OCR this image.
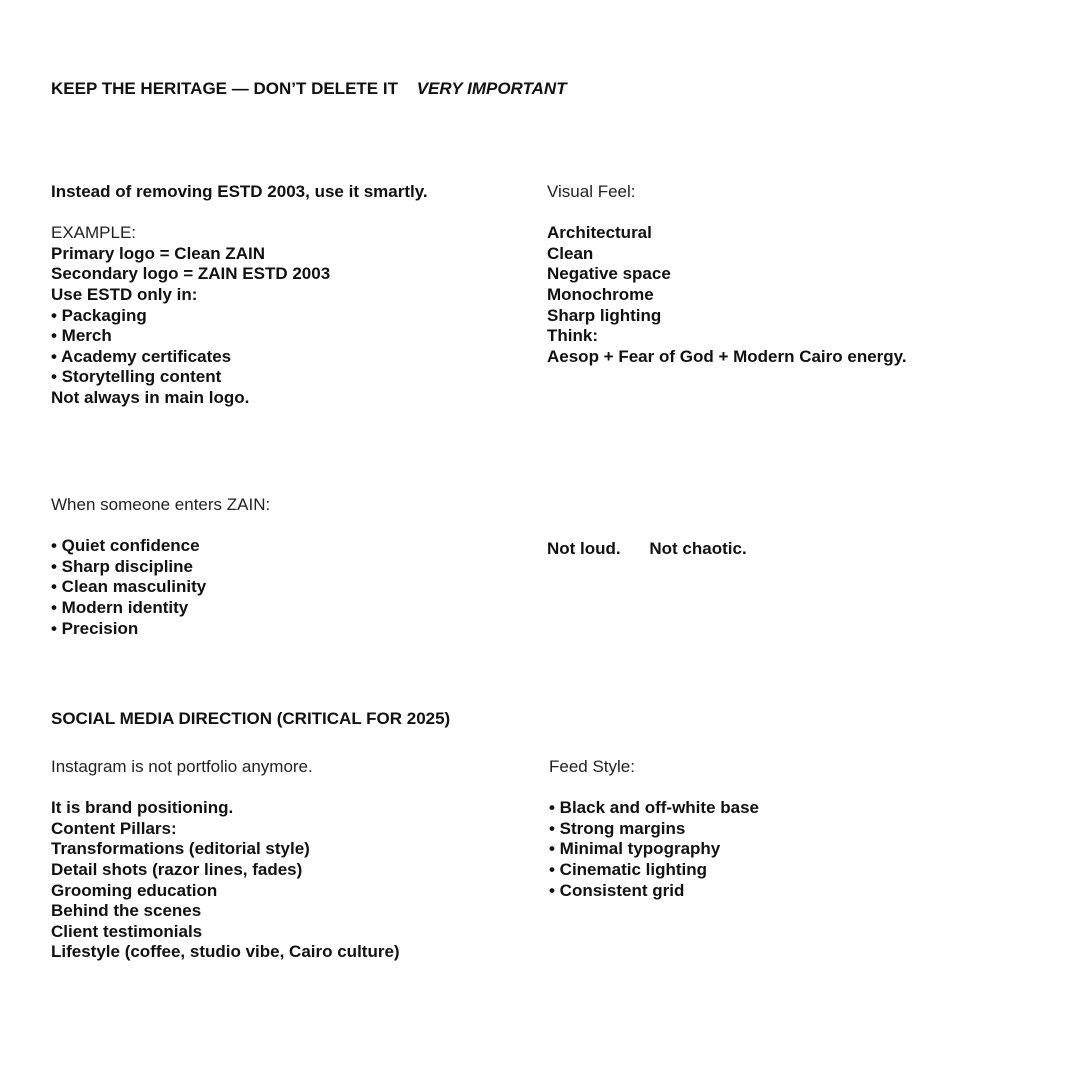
KEEP THE HERITAGE — DON’T DELETE IT VERY IMPORTANT
Instead of removing ESTD 2003, use it smartly.
EXAMPLE:
Primary logo = Clean ZAIN
Secondary logo = ZAIN ESTD 2003
Use ESTD only in:
• Packaging
• Merch
• Academy certificates
• Storytelling content
Not always in main logo.
Visual Feel:
Architectural
Clean
Negative space
Monochrome
Sharp lighting
Think:
Aesop + Fear of God + Modern Cairo energy.
When someone enters ZAIN:
• Quiet confidence
• Sharp discipline
• Clean masculinity
• Modern identity
• Precision
Not loud. Not chaotic.
SOCIAL MEDIA DIRECTION (CRITICAL FOR 2025)
Instagram is not portfolio anymore.
It is brand positioning.
Content Pillars:
Transformations (editorial style)
Detail shots (razor lines, fades)
Grooming education
Behind the scenes
Client testimonials
Lifestyle (coffee, studio vibe, Cairo culture)
Feed Style:
• Black and off-white base
• Strong margins
• Minimal typography
• Cinematic lighting
• Consistent grid
